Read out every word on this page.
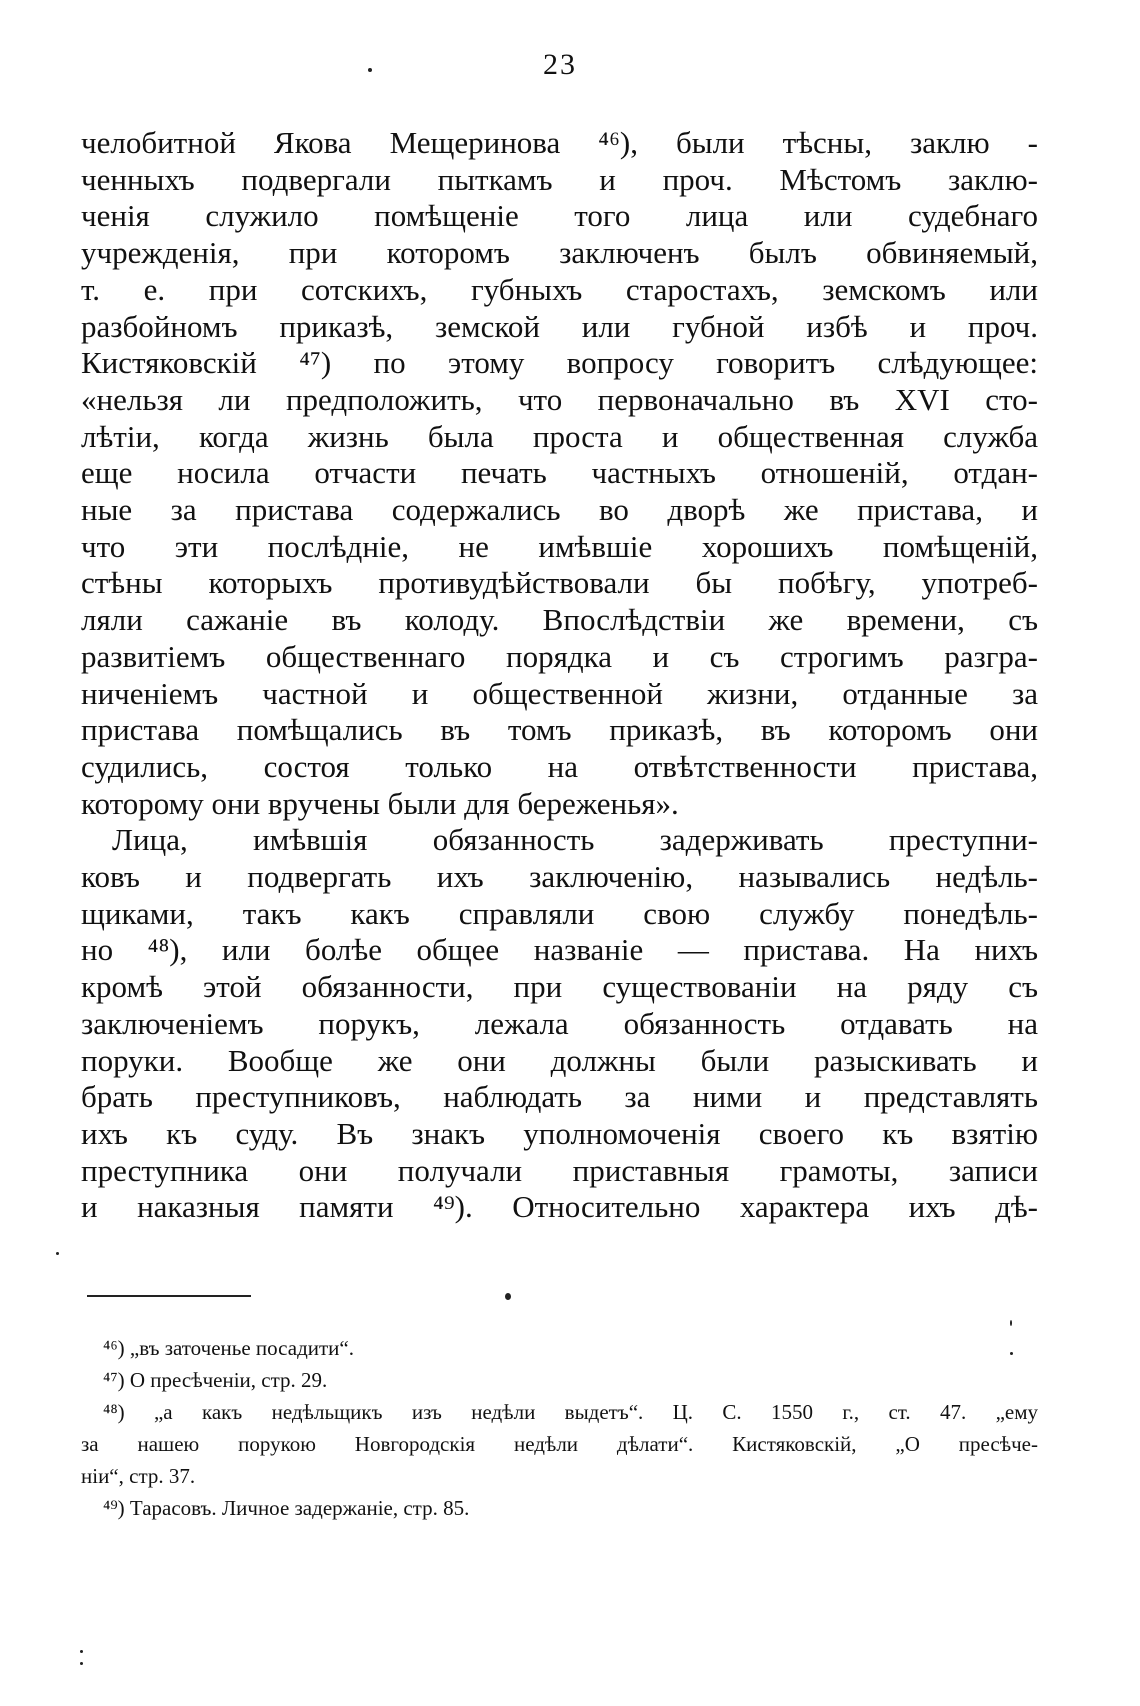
23
челобитной Якова Мещеринова ⁴⁶), были тѣсны, заклю -
ченныхъ подвергали пыткамъ и проч. Мѣстомъ заклю-
ченія служило помѣщеніе того лица или судебнаго
учрежденія, при которомъ заключенъ былъ обвиняемый,
т. е. при сотскихъ, губныхъ старостахъ, земскомъ или
разбойномъ приказѣ, земской или губной избѣ и проч.
Кистяковскій ⁴⁷) по этому вопросу говоритъ слѣдующее:
«нельзя ли предположить, что первоначально въ XVI сто-
лѣтіи, когда жизнь была проста и общественная служба
еще носила отчасти печать частныхъ отношеній, отдан-
ные за пристава содержались во дворѣ же пристава, и
что эти послѣдніе, не имѣвшіе хорошихъ помѣщеній,
стѣны которыхъ противудѣйствовали бы побѣгу, употреб-
ляли сажаніе въ колоду. Впослѣдствіи же времени, съ
развитіемъ общественнаго порядка и съ строгимъ разгра-
ниченіемъ частной и общественной жизни, отданные за
пристава помѣщались въ томъ приказѣ, въ которомъ они
судились, состоя только на отвѣтственности пристава,
которому они вручены были для береженья».
Лица, имѣвшія обязанность задерживать преступни-
ковъ и подвергать ихъ заключенію, назывались недѣль-
щиками, такъ какъ справляли свою службу понедѣль-
но ⁴⁸), или болѣе общее названіе — пристава. На нихъ
кромѣ этой обязанности, при существованіи на ряду съ
заключеніемъ порукъ, лежала обязанность отдавать на
поруки. Вообще же они должны были разыскивать и
брать преступниковъ, наблюдать за ними и представлять
ихъ къ суду. Въ знакъ уполномоченія своего къ взятію
преступника они получали приставныя грамоты, записи
и наказныя памяти ⁴⁹). Относительно характера ихъ дѣ-
⁴⁶) „въ заточенье посадити“.
⁴⁷) О пресѣченіи, стр. 29.
⁴⁸) „а какъ недѣльщикъ изъ недѣли выдетъ“. Ц. С. 1550 г., ст. 47. „ему
за нашею порукою Новгородскія недѣли дѣлати“. Кистяковскій, „О пресѣче-
ніи“, стр. 37.
⁴⁹) Тарасовъ. Личное задержаніе, стр. 85.
